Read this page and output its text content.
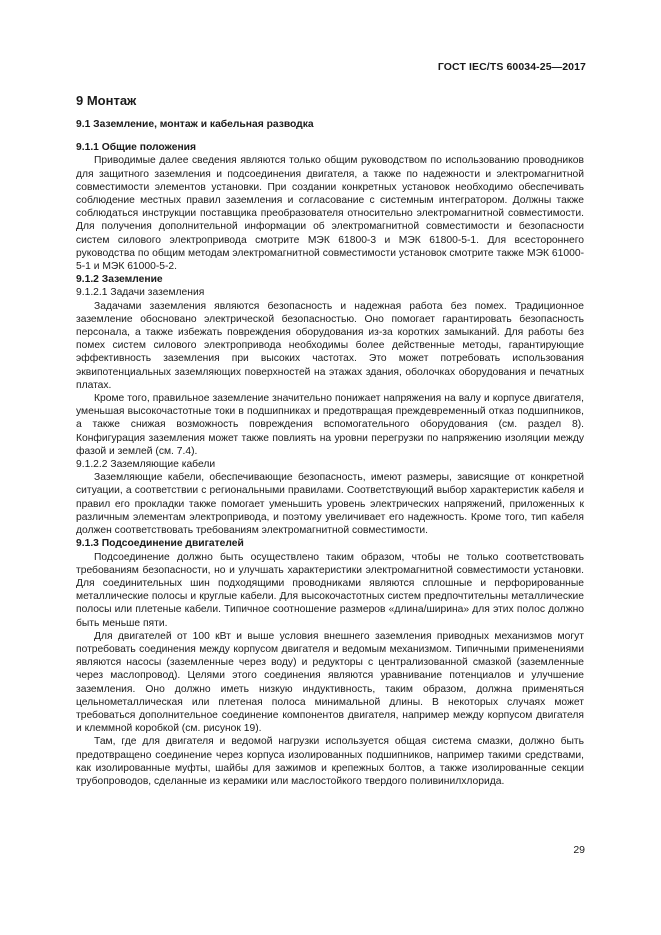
ГОСТ IEC/TS 60034-25—2017
9 Монтаж

9.1 Заземление, монтаж и кабельная разводка

9.1.1 Общие положения

Приводимые далее сведения являются только общим руководством по использованию проводников для защитного заземления и подсоединения двигателя, а также по надежности и электромагнитной совместимости элементов установки. При создании конкретных установок необходимо обеспечивать соблюдение местных правил заземления и согласование с системным интегратором. Должны также соблюдаться инструкции поставщика преобразователя относительно электромагнитной совместимости. Для получения дополнительной информации об электромагнитной совместимости и безопасности систем силового электропривода смотрите МЭК 61800-3 и МЭК 61800-5-1. Для всестороннего руководства по общим методам электромагнитной совместимости установок смотрите также МЭК 61000-5-1 и МЭК 61000-5-2.

9.1.2 Заземление

9.1.2.1 Задачи заземления

Задачами заземления являются безопасность и надежная работа без помех. Традиционное заземление обосновано электрической безопасностью. Оно помогает гарантировать безопасность персонала, а также избежать повреждения оборудования из-за коротких замыканий. Для работы без помех систем силового электропривода необходимы более действенные методы, гарантирующие эффективность заземления при высоких частотах. Это может потребовать использования эквипотенциальных заземляющих поверхностей на этажах здания, оболочках оборудования и печатных платах.

Кроме того, правильное заземление значительно понижает напряжения на валу и корпусе двигателя, уменьшая высокочастотные токи в подшипниках и предотвращая преждевременный отказ подшипников, а также снижая возможность повреждения вспомогательного оборудования (см. раздел 8). Конфигурация заземления может также повлиять на уровни перегрузки по напряжению изоляции между фазой и землей (см. 7.4).

9.1.2.2 Заземляющие кабели

Заземляющие кабели, обеспечивающие безопасность, имеют размеры, зависящие от конкретной ситуации, а соответствии с региональными правилами. Соответствующий выбор характеристик кабеля и правил его прокладки также помогает уменьшить уровень электрических напряжений, приложенных к различным элементам электропривода, и поэтому увеличивает его надежность. Кроме того, тип кабеля должен соответствовать требованиям электромагнитной совместимости.

9.1.3 Подсоединение двигателей

Подсоединение должно быть осуществлено таким образом, чтобы не только соответствовать требованиям безопасности, но и улучшать характеристики электромагнитной совместимости установки. Для соединительных шин подходящими проводниками являются сплошные и перфорированные металлические полосы и круглые кабели. Для высокочастотных систем предпочтительны металлические полосы или плетеные кабели. Типичное соотношение размеров «длина/ширина» для этих полос должно быть меньше пяти.

Для двигателей от 100 кВт и выше условия внешнего заземления приводных механизмов могут потребовать соединения между корпусом двигателя и ведомым механизмом. Типичными применениями являются насосы (заземленные через воду) и редукторы с централизованной смазкой (заземленные через маслопровод). Целями этого соединения являются уравнивание потенциалов и улучшение заземления. Оно должно иметь низкую индуктивность, таким образом, должна применяться цельнометаллическая или плетеная полоса минимальной длины. В некоторых случаях может требоваться дополнительное соединение компонентов двигателя, например между корпусом двигателя и клеммной коробкой (см. рисунок 19).

Там, где для двигателя и ведомой нагрузки используется общая система смазки, должно быть предотвращено соединение через корпуса изолированных подшипников, например такими средствами, как изолированные муфты, шайбы для зажимов и крепежных болтов, а также изолированные секции трубопроводов, сделанные из керамики или маслостойкого твердого поливинилхлорида.

29
